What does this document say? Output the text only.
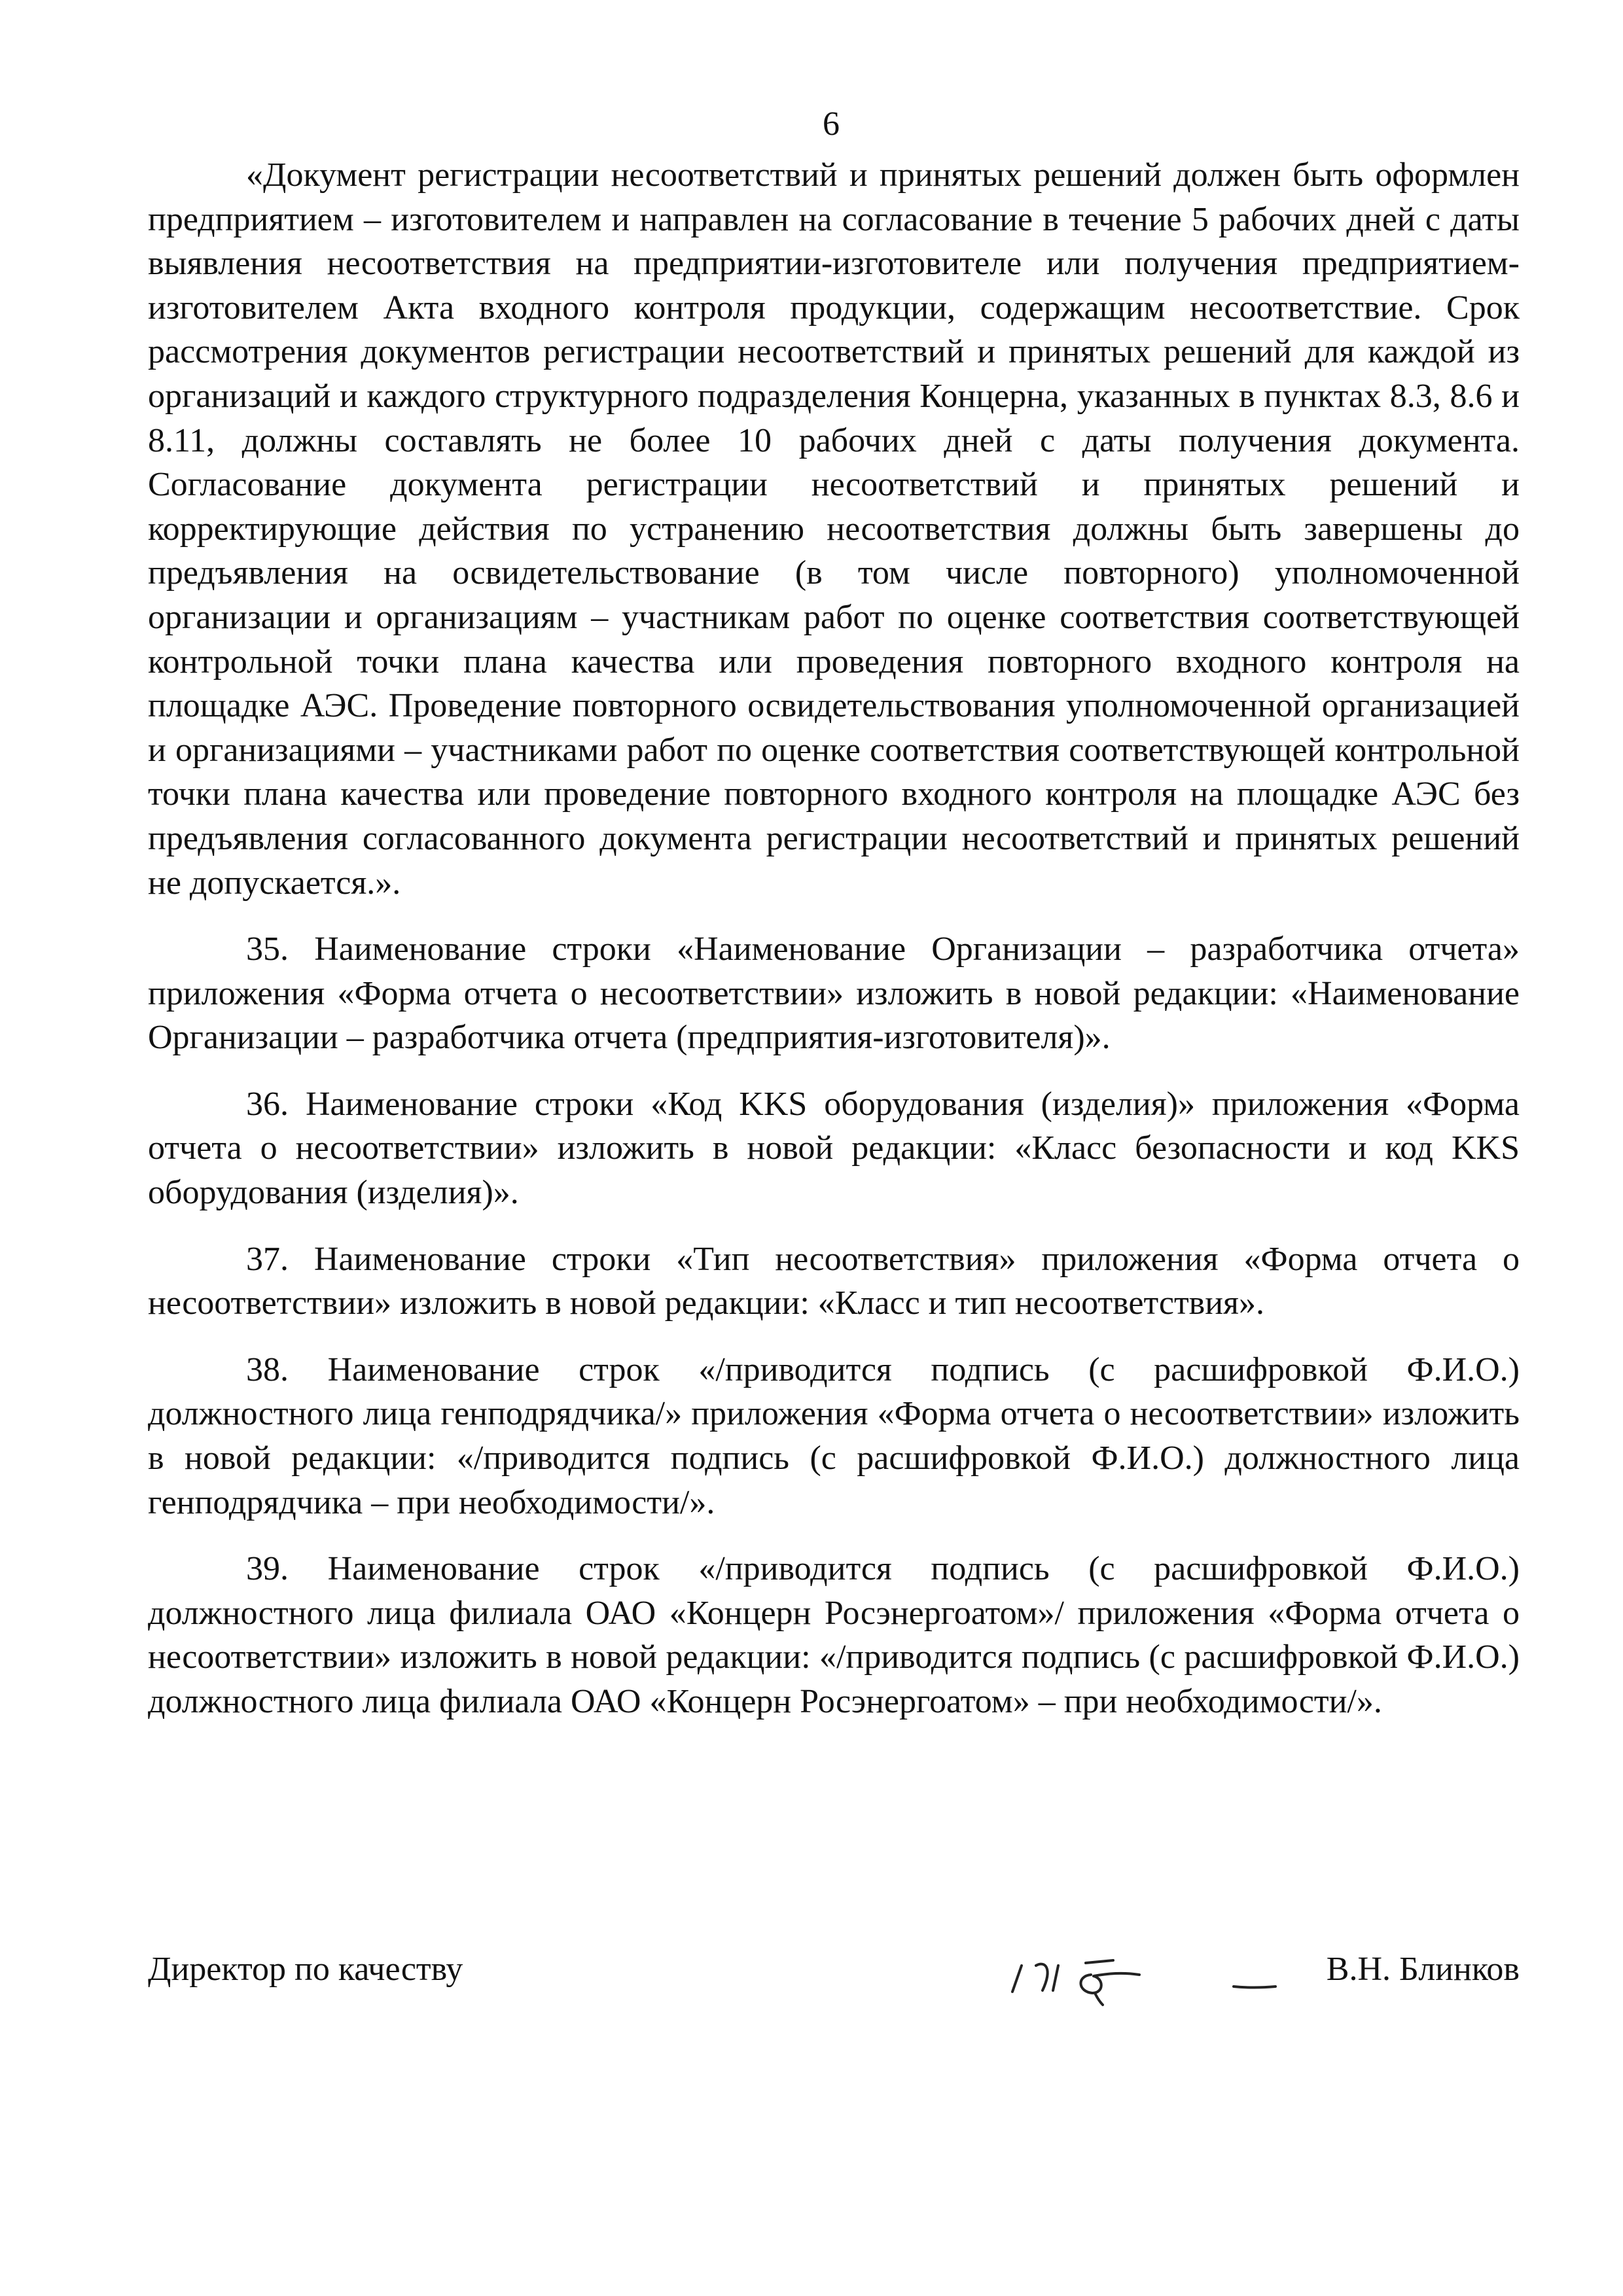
6

«Документ регистрации несоответствий и принятых решений должен быть оформлен предприятием – изготовителем и направлен на согласование в течение 5 рабочих дней с даты выявления несоответствия на предприятии-изготовителе или получения предприятием-изготовителем Акта входного контроля продукции, содержащим несоответствие. Срок рассмотрения документов регистрации несоответствий и принятых решений для каждой из организаций и каждого структурного подразделения Концерна, указанных в пунктах 8.3, 8.6 и 8.11, должны составлять не более 10 рабочих дней с даты получения документа. Согласование документа регистрации несоответствий и принятых решений и корректирующие действия по устранению несоответствия должны быть завершены до предъявления на освидетельствование (в том числе повторного) уполномоченной организации и организациям – участникам работ по оценке соответствия соответствующей контрольной точки плана качества или проведения повторного входного контроля на площадке АЭС. Проведение повторного освидетельствования уполномоченной организацией и организациями – участниками работ по оценке соответствия соответствующей контрольной точки плана качества или проведение повторного входного контроля на площадке АЭС без предъявления согласованного документа регистрации несоответствий и принятых решений не допускается.».

35. Наименование строки «Наименование Организации – разработчика отчета» приложения «Форма отчета о несоответствии» изложить в новой редакции: «Наименование Организации – разработчика отчета (предприятия-изготовителя)».

36. Наименование строки «Код KKS оборудования (изделия)» приложения «Форма отчета о несоответствии» изложить в новой редакции: «Класс безопасности и код KKS оборудования (изделия)».

37. Наименование строки «Тип несоответствия» приложения «Форма отчета о несоответствии» изложить в новой редакции: «Класс и тип несоответствия».

38. Наименование строк «/приводится подпись (с расшифровкой Ф.И.О.) должностного лица генподрядчика/» приложения «Форма отчета о несоответствии» изложить в новой редакции: «/приводится подпись (с расшифровкой Ф.И.О.) должностного лица генподрядчика – при необходимости/».

39. Наименование строк «/приводится подпись (с расшифровкой Ф.И.О.) должностного лица филиала ОАО «Концерн Росэнергоатом»/ приложения «Форма отчета о несоответствии» изложить в новой редакции: «/приводится подпись (с расшифровкой Ф.И.О.) должностного лица филиала ОАО «Концерн Росэнергоатом» – при необходимости/».

Директор по качеству	В.Н. Блинков
